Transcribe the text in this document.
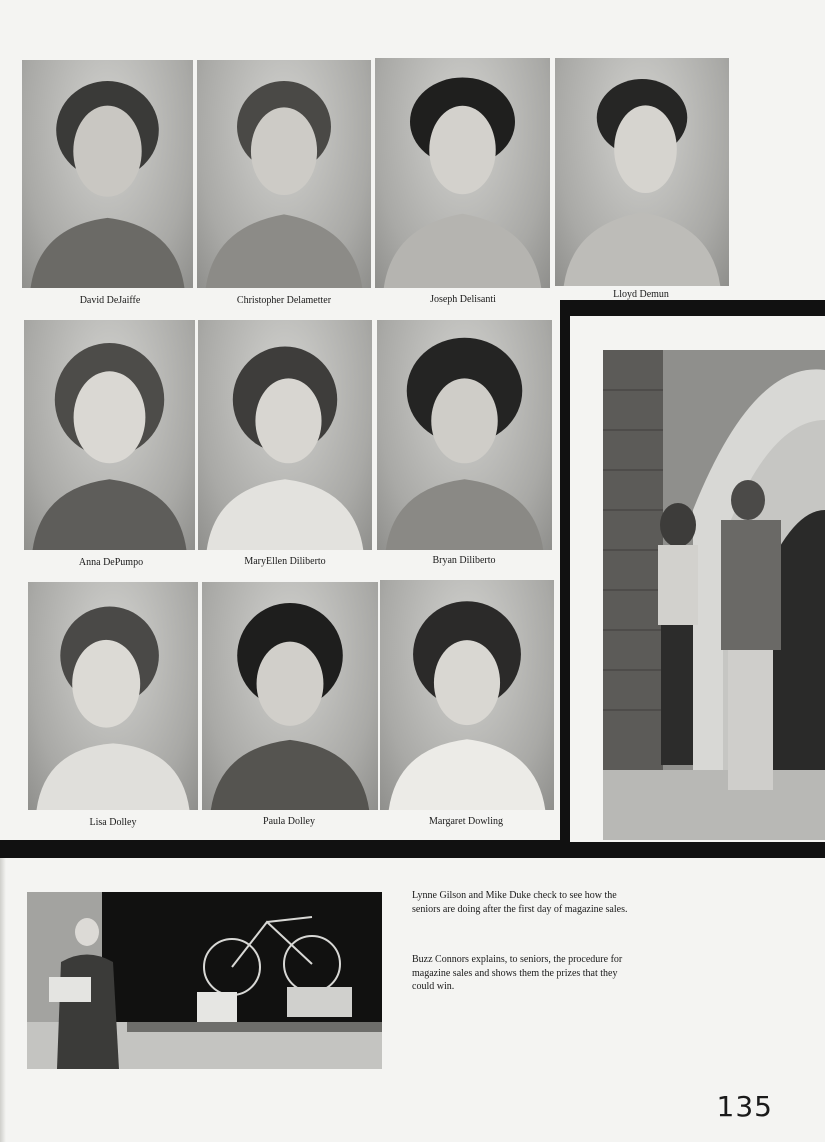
David DeJaiffe	Christopher Delametter	Joseph Delisanti	Lloyd Demun
Anna DePumpo	MaryEllen Diliberto	Bryan Diliberto
Lisa Dolley	Paula Dolley	Margaret Dowling
Lynne Gilson and Mike Duke check to see how the seniors are doing after the first day of magazine sales.
Buzz Connors explains, to seniors, the procedure for magazine sales and shows them the prizes that they could win.
135
